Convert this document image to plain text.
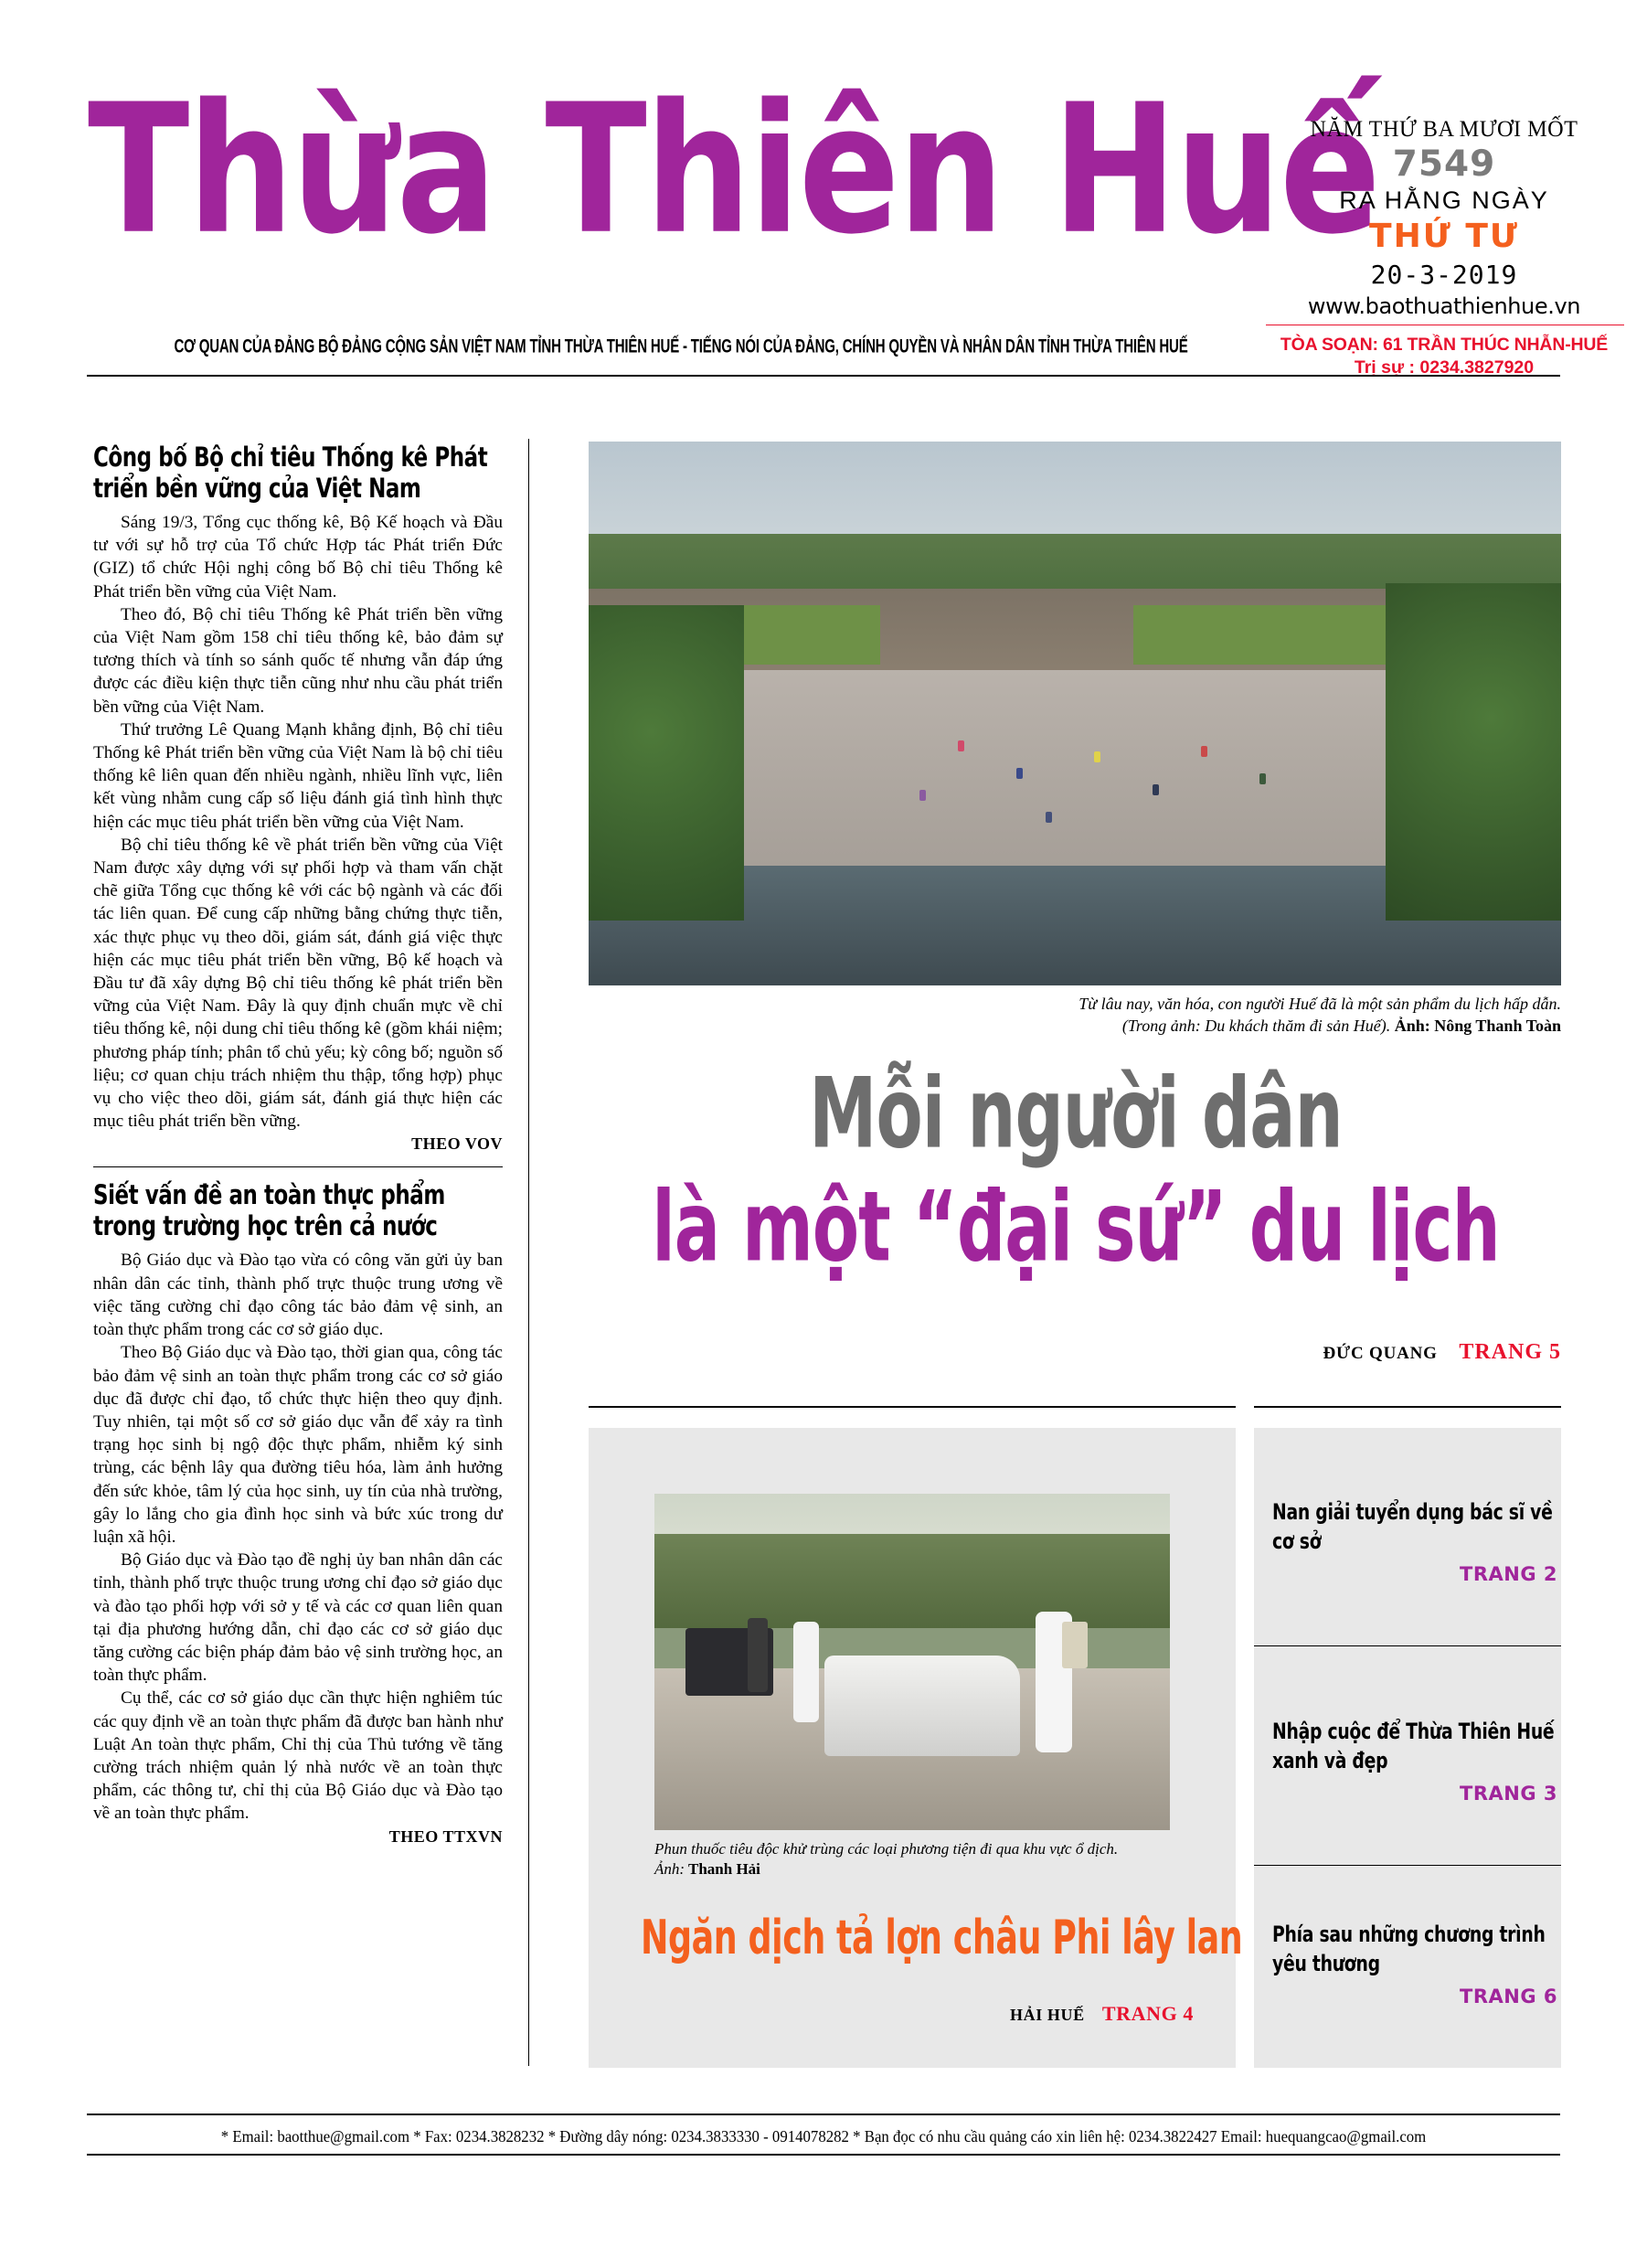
Thừa Thiên Huế
CƠ QUAN CỦA ĐẢNG BỘ ĐẢNG CỘNG SẢN VIỆT NAM TỈNH THỪA THIÊN HUẾ - TIẾNG NÓI CỦA ĐẢNG, CHÍNH QUYỀN VÀ NHÂN DÂN TỈNH THỪA THIÊN HUẾ
NĂM THỨ BA MƯƠI MỐT
7549
RA HẰNG NGÀY
THỨ TƯ
20-3-2019
www.baothuathienhue.vn
TÒA SOẠN: 61 TRẦN THÚC NHẪN-HUẾ
Trị sự : 0234.3827920
Công bố Bộ chỉ tiêu Thống kê Phát triển bền vững của Việt Nam

Sáng 19/3, Tổng cục thống kê, Bộ Kế hoạch và Đầu tư với sự hỗ trợ của Tổ chức Hợp tác Phát triển Đức (GIZ) tổ chức Hội nghị công bố Bộ chỉ tiêu Thống kê Phát triển bền vững của Việt Nam.

Theo đó, Bộ chỉ tiêu Thống kê Phát triển bền vững của Việt Nam gồm 158 chỉ tiêu thống kê, bảo đảm sự tương thích và tính so sánh quốc tế nhưng vẫn đáp ứng được các điều kiện thực tiễn cũng như nhu cầu phát triển bền vững của Việt Nam.

Thứ trưởng Lê Quang Mạnh khẳng định, Bộ chỉ tiêu Thống kê Phát triển bền vững của Việt Nam là bộ chỉ tiêu thống kê liên quan đến nhiều ngành, nhiều lĩnh vực, liên kết vùng nhằm cung cấp số liệu đánh giá tình hình thực hiện các mục tiêu phát triển bền vững của Việt Nam.

Bộ chỉ tiêu thống kê về phát triển bền vững của Việt Nam được xây dựng với sự phối hợp và tham vấn chặt chẽ giữa Tổng cục thống kê với các bộ ngành và các đối tác liên quan. Để cung cấp những bằng chứng thực tiễn, xác thực phục vụ theo dõi, giám sát, đánh giá việc thực hiện các mục tiêu phát triển bền vững, Bộ kế hoạch và Đầu tư đã xây dựng Bộ chỉ tiêu thống kê phát triển bền vững của Việt Nam. Đây là quy định chuẩn mực về chỉ tiêu thống kê, nội dung chỉ tiêu thống kê (gồm khái niệm; phương pháp tính; phân tổ chủ yếu; kỳ công bố; nguồn số liệu; cơ quan chịu trách nhiệm thu thập, tổng hợp) phục vụ cho việc theo dõi, giám sát, đánh giá thực hiện các mục tiêu phát triển bền vững.

THEO VOV
Siết vấn đề an toàn thực phẩm trong trường học trên cả nước

Bộ Giáo dục và Đào tạo vừa có công văn gửi ủy ban nhân dân các tỉnh, thành phố trực thuộc trung ương về việc tăng cường chỉ đạo công tác bảo đảm vệ sinh, an toàn thực phẩm trong các cơ sở giáo dục.

Theo Bộ Giáo dục và Đào tạo, thời gian qua, công tác bảo đảm vệ sinh an toàn thực phẩm trong các cơ sở giáo dục đã được chỉ đạo, tổ chức thực hiện theo quy định. Tuy nhiên, tại một số cơ sở giáo dục vẫn để xảy ra tình trạng học sinh bị ngộ độc thực phẩm, nhiễm ký sinh trùng, các bệnh lây qua đường tiêu hóa, làm ảnh hưởng đến sức khỏe, tâm lý của học sinh, uy tín của nhà trường, gây lo lắng cho gia đình học sinh và bức xúc trong dư luận xã hội.

Bộ Giáo dục và Đào tạo đề nghị ủy ban nhân dân các tỉnh, thành phố trực thuộc trung ương chỉ đạo sở giáo dục và đào tạo phối hợp với sở y tế và các cơ quan liên quan tại địa phương hướng dẫn, chỉ đạo các cơ sở giáo dục tăng cường các biện pháp đảm bảo vệ sinh trường học, an toàn thực phẩm.

Cụ thể, các cơ sở giáo dục cần thực hiện nghiêm túc các quy định về an toàn thực phẩm đã được ban hành như Luật An toàn thực phẩm, Chỉ thị của Thủ tướng về tăng cường trách nhiệm quản lý nhà nước về an toàn thực phẩm, các thông tư, chỉ thị của Bộ Giáo dục và Đào tạo về an toàn thực phẩm.

THEO TTXVN
Từ lâu nay, văn hóa, con người Huế đã là một sản phẩm du lịch hấp dẫn.
(Trong ảnh: Du khách thăm đi sản Huế). Ảnh: Nông Thanh Toàn
Mỗi người dân
là một “đại sứ” du lịch
ĐỨC QUANG TRANG 5
Phun thuốc tiêu độc khử trùng các loại phương tiện đi qua khu vực ổ dịch.
Ảnh: Thanh Hải
Ngăn dịch tả lợn châu Phi lây lan
HẢI HUẾ TRANG 4
Nan giải tuyển dụng bác sĩ về cơ sở
TRANG 2
Nhập cuộc để Thừa Thiên Huế xanh và đẹp
TRANG 3
Phía sau những chương trình yêu thương
TRANG 6
* Email: baotthue@gmail.com * Fax: 0234.3828232 * Đường dây nóng: 0234.3833330 - 0914078282 * Bạn đọc có nhu cầu quảng cáo xin liên hệ: 0234.3822427 Email: huequangcao@gmail.com
